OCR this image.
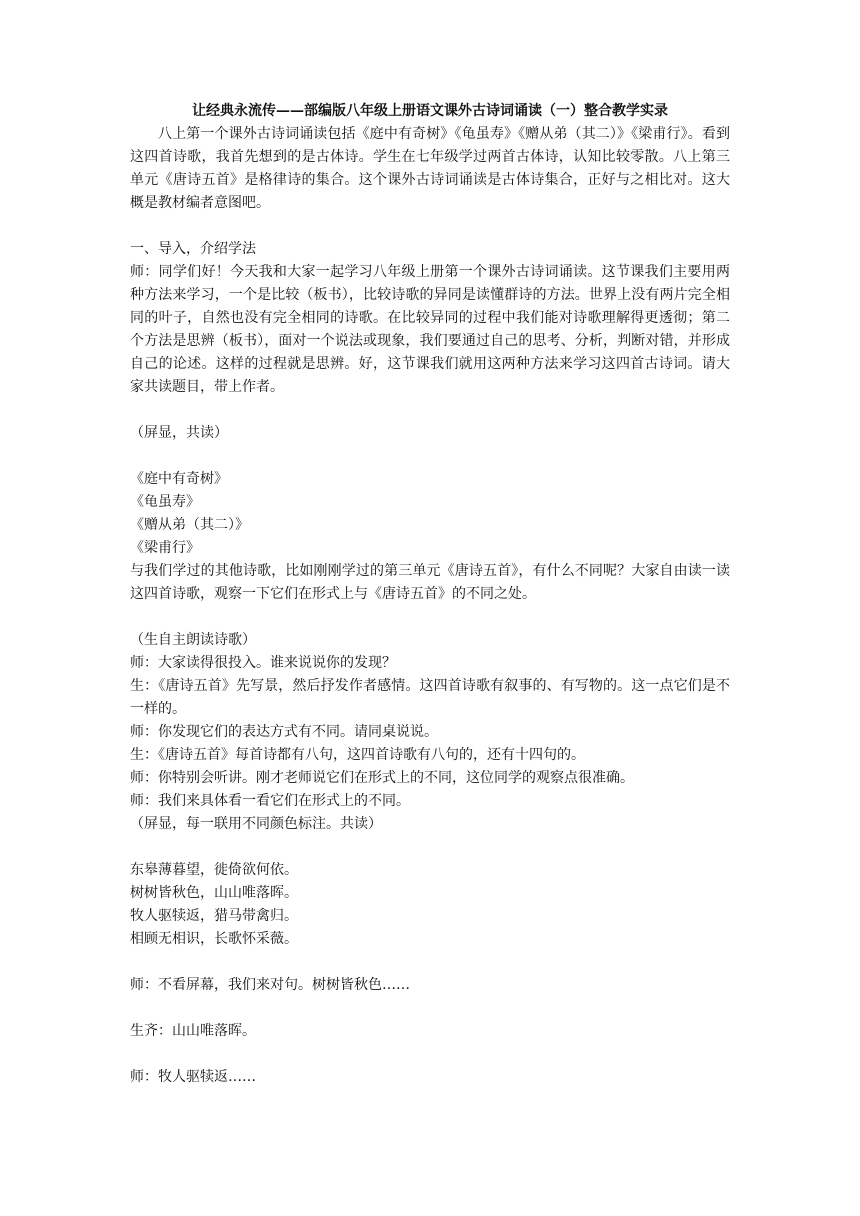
让经典永流传——部编版八年级上册语文课外古诗词诵读（一）整合教学实录

八上第一个课外古诗词诵读包括《庭中有奇树》《龟虽寿》《赠从弟（其二）》《梁甫行》。看到这四首诗歌，我首先想到的是古体诗。学生在七年级学过两首古体诗，认知比较零散。八上第三单元《唐诗五首》是格律诗的集合。这个课外古诗词诵读是古体诗集合，正好与之相比对。这大概是教材编者意图吧。

一、导入，介绍学法

师：同学们好！今天我和大家一起学习八年级上册第一个课外古诗词诵读。这节课我们主要用两种方法来学习，一个是比较（板书），比较诗歌的异同是读懂群诗的方法。世界上没有两片完全相同的叶子，自然也没有完全相同的诗歌。在比较异同的过程中我们能对诗歌理解得更透彻；第二个方法是思辨（板书），面对一个说法或现象，我们要通过自己的思考、分析，判断对错，并形成自己的论述。这样的过程就是思辨。好，这节课我们就用这两种方法来学习这四首古诗词。请大家共读题目，带上作者。

（屏显，共读）

《庭中有奇树》

《龟虽寿》

《赠从弟（其二）》

《梁甫行》

与我们学过的其他诗歌，比如刚刚学过的第三单元《唐诗五首》，有什么不同呢？大家自由读一读这四首诗歌，观察一下它们在形式上与《唐诗五首》的不同之处。

（生自主朗读诗歌）

师：大家读得很投入。谁来说说你的发现？

生：《唐诗五首》先写景，然后抒发作者感情。这四首诗歌有叙事的、有写物的。这一点它们是不一样的。

师：你发现它们的表达方式有不同。请同桌说说。

生：《唐诗五首》每首诗都有八句，这四首诗歌有八句的，还有十四句的。

师：你特别会听讲。刚才老师说它们在形式上的不同，这位同学的观察点很准确。

师：我们来具体看一看它们在形式上的不同。

（屏显，每一联用不同颜色标注。共读）

东皋薄暮望，徙倚欲何依。

树树皆秋色，山山唯落晖。

牧人驱犊返，猎马带禽归。

相顾无相识，长歌怀采薇。

师：不看屏幕，我们来对句。树树皆秋色……

生齐：山山唯落晖。

师：牧人驱犊返……
